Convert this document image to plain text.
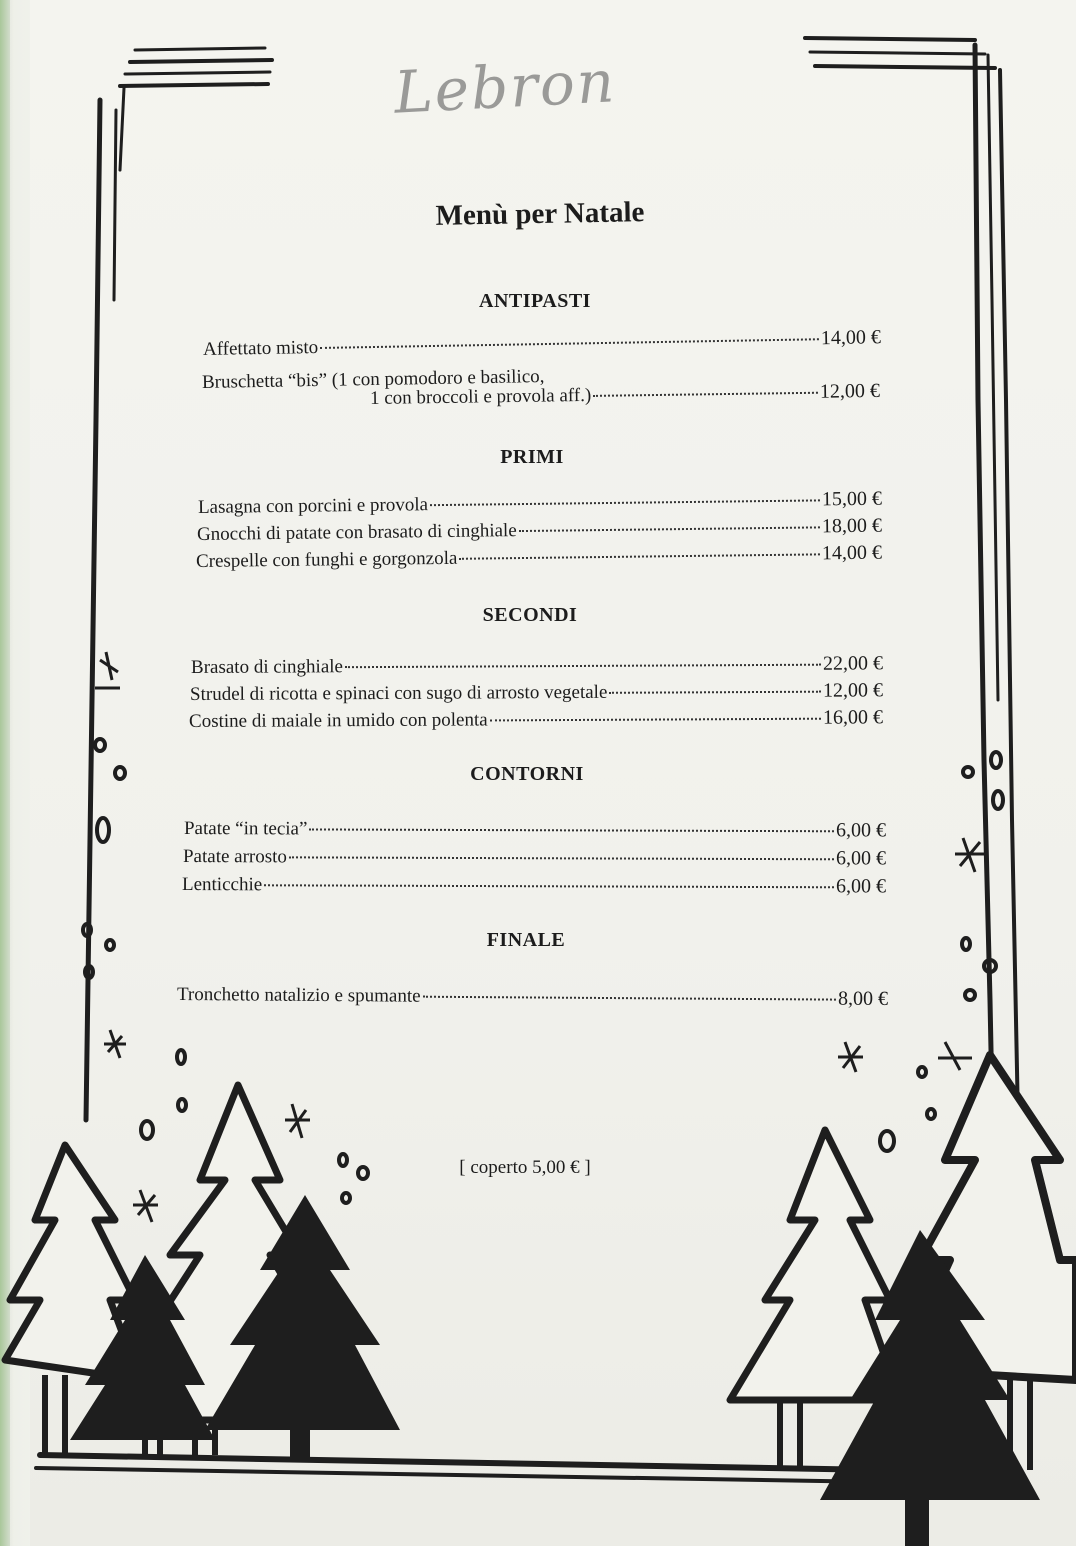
Lebron
Menù per Natale
ANTIPASTI
Affettato misto	14,00 €
Bruschetta “bis” (1 con pomodoro e basilico,
1 con broccoli e provola aff.)	12,00 €
PRIMI
Lasagna con porcini e provola	15,00 €
Gnocchi di patate con brasato di cinghiale	18,00 €
Crespelle con funghi e gorgonzola	14,00 €
SECONDI
Brasato di cinghiale	22,00 €
Strudel di ricotta e spinaci con sugo di arrosto vegetale	12,00 €
Costine di maiale in umido con polenta	16,00 €
CONTORNI
Patate “in tecia”	6,00 €
Patate arrosto	6,00 €
Lenticchie	6,00 €
FINALE
Tronchetto natalizio e spumante	8,00 €
[ coperto 5,00 € ]
